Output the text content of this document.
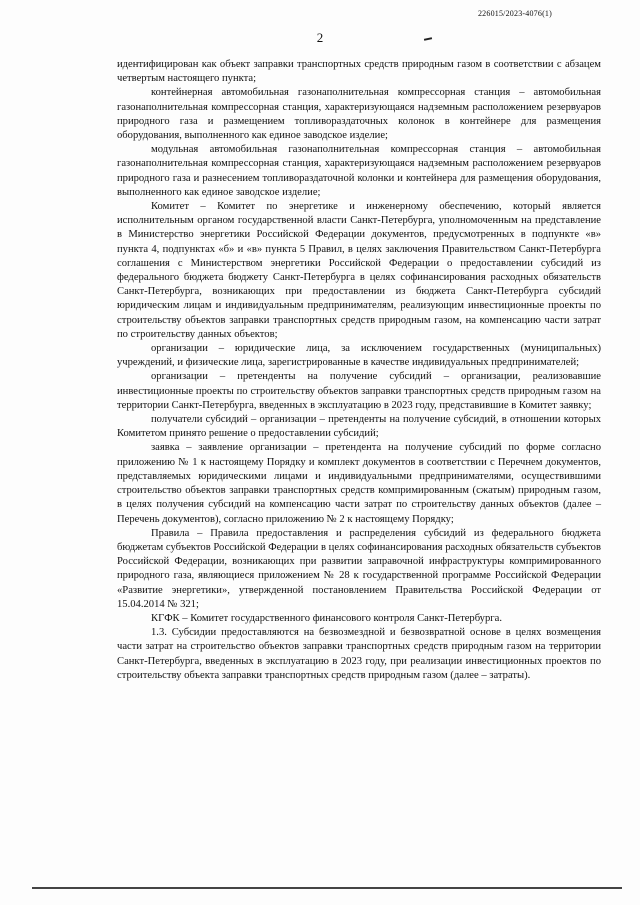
226015/2023-4076(1)
2

идентифицирован как объект заправки транспортных средств природным газом в соответствии с абзацем четвертым настоящего пункта;

контейнерная автомобильная газонаполнительная компрессорная станция – автомобильная газонаполнительная компрессорная станция, характеризующаяся надземным расположением резервуаров природного газа и размещением топливораздаточных колонок в контейнере для размещения оборудования, выполненного как единое заводское изделие;

модульная автомобильная газонаполнительная компрессорная станция – автомобильная газонаполнительная компрессорная станция, характеризующаяся надземным расположением резервуаров природного газа и разнесением топливораздаточной колонки и контейнера для размещения оборудования, выполненного как единое заводское изделие;

Комитет – Комитет по энергетике и инженерному обеспечению, который является исполнительным органом государственной власти Санкт-Петербурга, уполномоченным на представление в Министерство энергетики Российской Федерации документов, предусмотренных в подпункте «в» пункта 4, подпунктах «б» и «в» пункта 5 Правил, в целях заключения Правительством Санкт-Петербурга соглашения с Министерством энергетики Российской Федерации о предоставлении субсидий из федерального бюджета бюджету Санкт-Петербурга в целях софинансирования расходных обязательств Санкт-Петербурга, возникающих при предоставлении из бюджета Санкт-Петербурга субсидий юридическим лицам и индивидуальным предпринимателям, реализующим инвестиционные проекты по строительству объектов заправки транспортных средств природным газом, на компенсацию части затрат по строительству данных объектов;

организации – юридические лица, за исключением государственных (муниципальных) учреждений, и физические лица, зарегистрированные в качестве индивидуальных предпринимателей;

организации – претенденты на получение субсидий – организации, реализовавшие инвестиционные проекты по строительству объектов заправки транспортных средств природным газом на территории Санкт-Петербурга, введенных в эксплуатацию в 2023 году, представившие в Комитет заявку;

получатели субсидий – организации – претенденты на получение субсидий, в отношении которых Комитетом принято решение о предоставлении субсидий;

заявка – заявление организации – претендента на получение субсидий по форме согласно приложению № 1 к настоящему Порядку и комплект документов в соответствии с Перечнем документов, представляемых юридическими лицами и индивидуальными предпринимателями, осуществившими строительство объектов заправки транспортных средств компримированным (сжатым) природным газом, в целях получения субсидий на компенсацию части затрат по строительству данных объектов (далее – Перечень документов), согласно приложению № 2 к настоящему Порядку;

Правила – Правила предоставления и распределения субсидий из федерального бюджета бюджетам субъектов Российской Федерации в целях софинансирования расходных обязательств субъектов Российской Федерации, возникающих при развитии заправочной инфраструктуры компримированного природного газа, являющиеся приложением № 28 к государственной программе Российской Федерации «Развитие энергетики», утвержденной постановлением Правительства Российской Федерации от 15.04.2014 № 321;

КГФК – Комитет государственного финансового контроля Санкт-Петербурга.

1.3. Субсидии предоставляются на безвозмездной и безвозвратной основе в целях возмещения части затрат на строительство объектов заправки транспортных средств природным газом на территории Санкт-Петербурга, введенных в эксплуатацию в 2023 году, при реализации инвестиционных проектов по строительству объекта заправки транспортных средств природным газом (далее – затраты).
